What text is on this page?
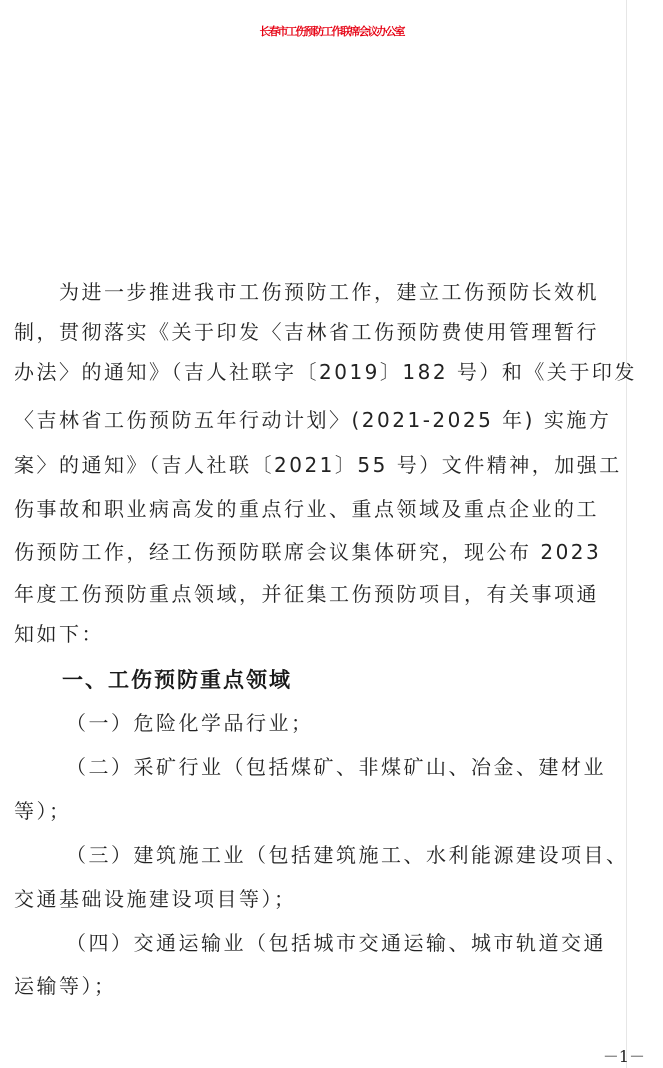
长春市工伤预防工作联席会议办公室
　　为进一步推进我市工伤预防工作，建立工伤预防长效机
制，贯彻落实《关于印发〈吉林省工伤预防费使用管理暂行
办法〉的通知》（吉人社联字〔2019〕182 号）和《关于印发
〈吉林省工伤预防五年行动计划〉(2021-2025 年) 实施方
案〉的通知》（吉人社联〔2021〕55 号）文件精神，加强工
伤事故和职业病高发的重点行业、重点领域及重点企业的工
伤预防工作，经工伤预防联席会议集体研究，现公布 2023
年度工伤预防重点领域，并征集工伤预防项目，有关事项通
知如下：
一、工伤预防重点领域
（一）危险化学品行业；
（二）采矿行业（包括煤矿、非煤矿山、冶金、建材业
等）；
（三）建筑施工业（包括建筑施工、水利能源建设项目、
交通基础设施建设项目等）；
（四）交通运输业（包括城市交通运输、城市轨道交通
运输等）；
－1－
